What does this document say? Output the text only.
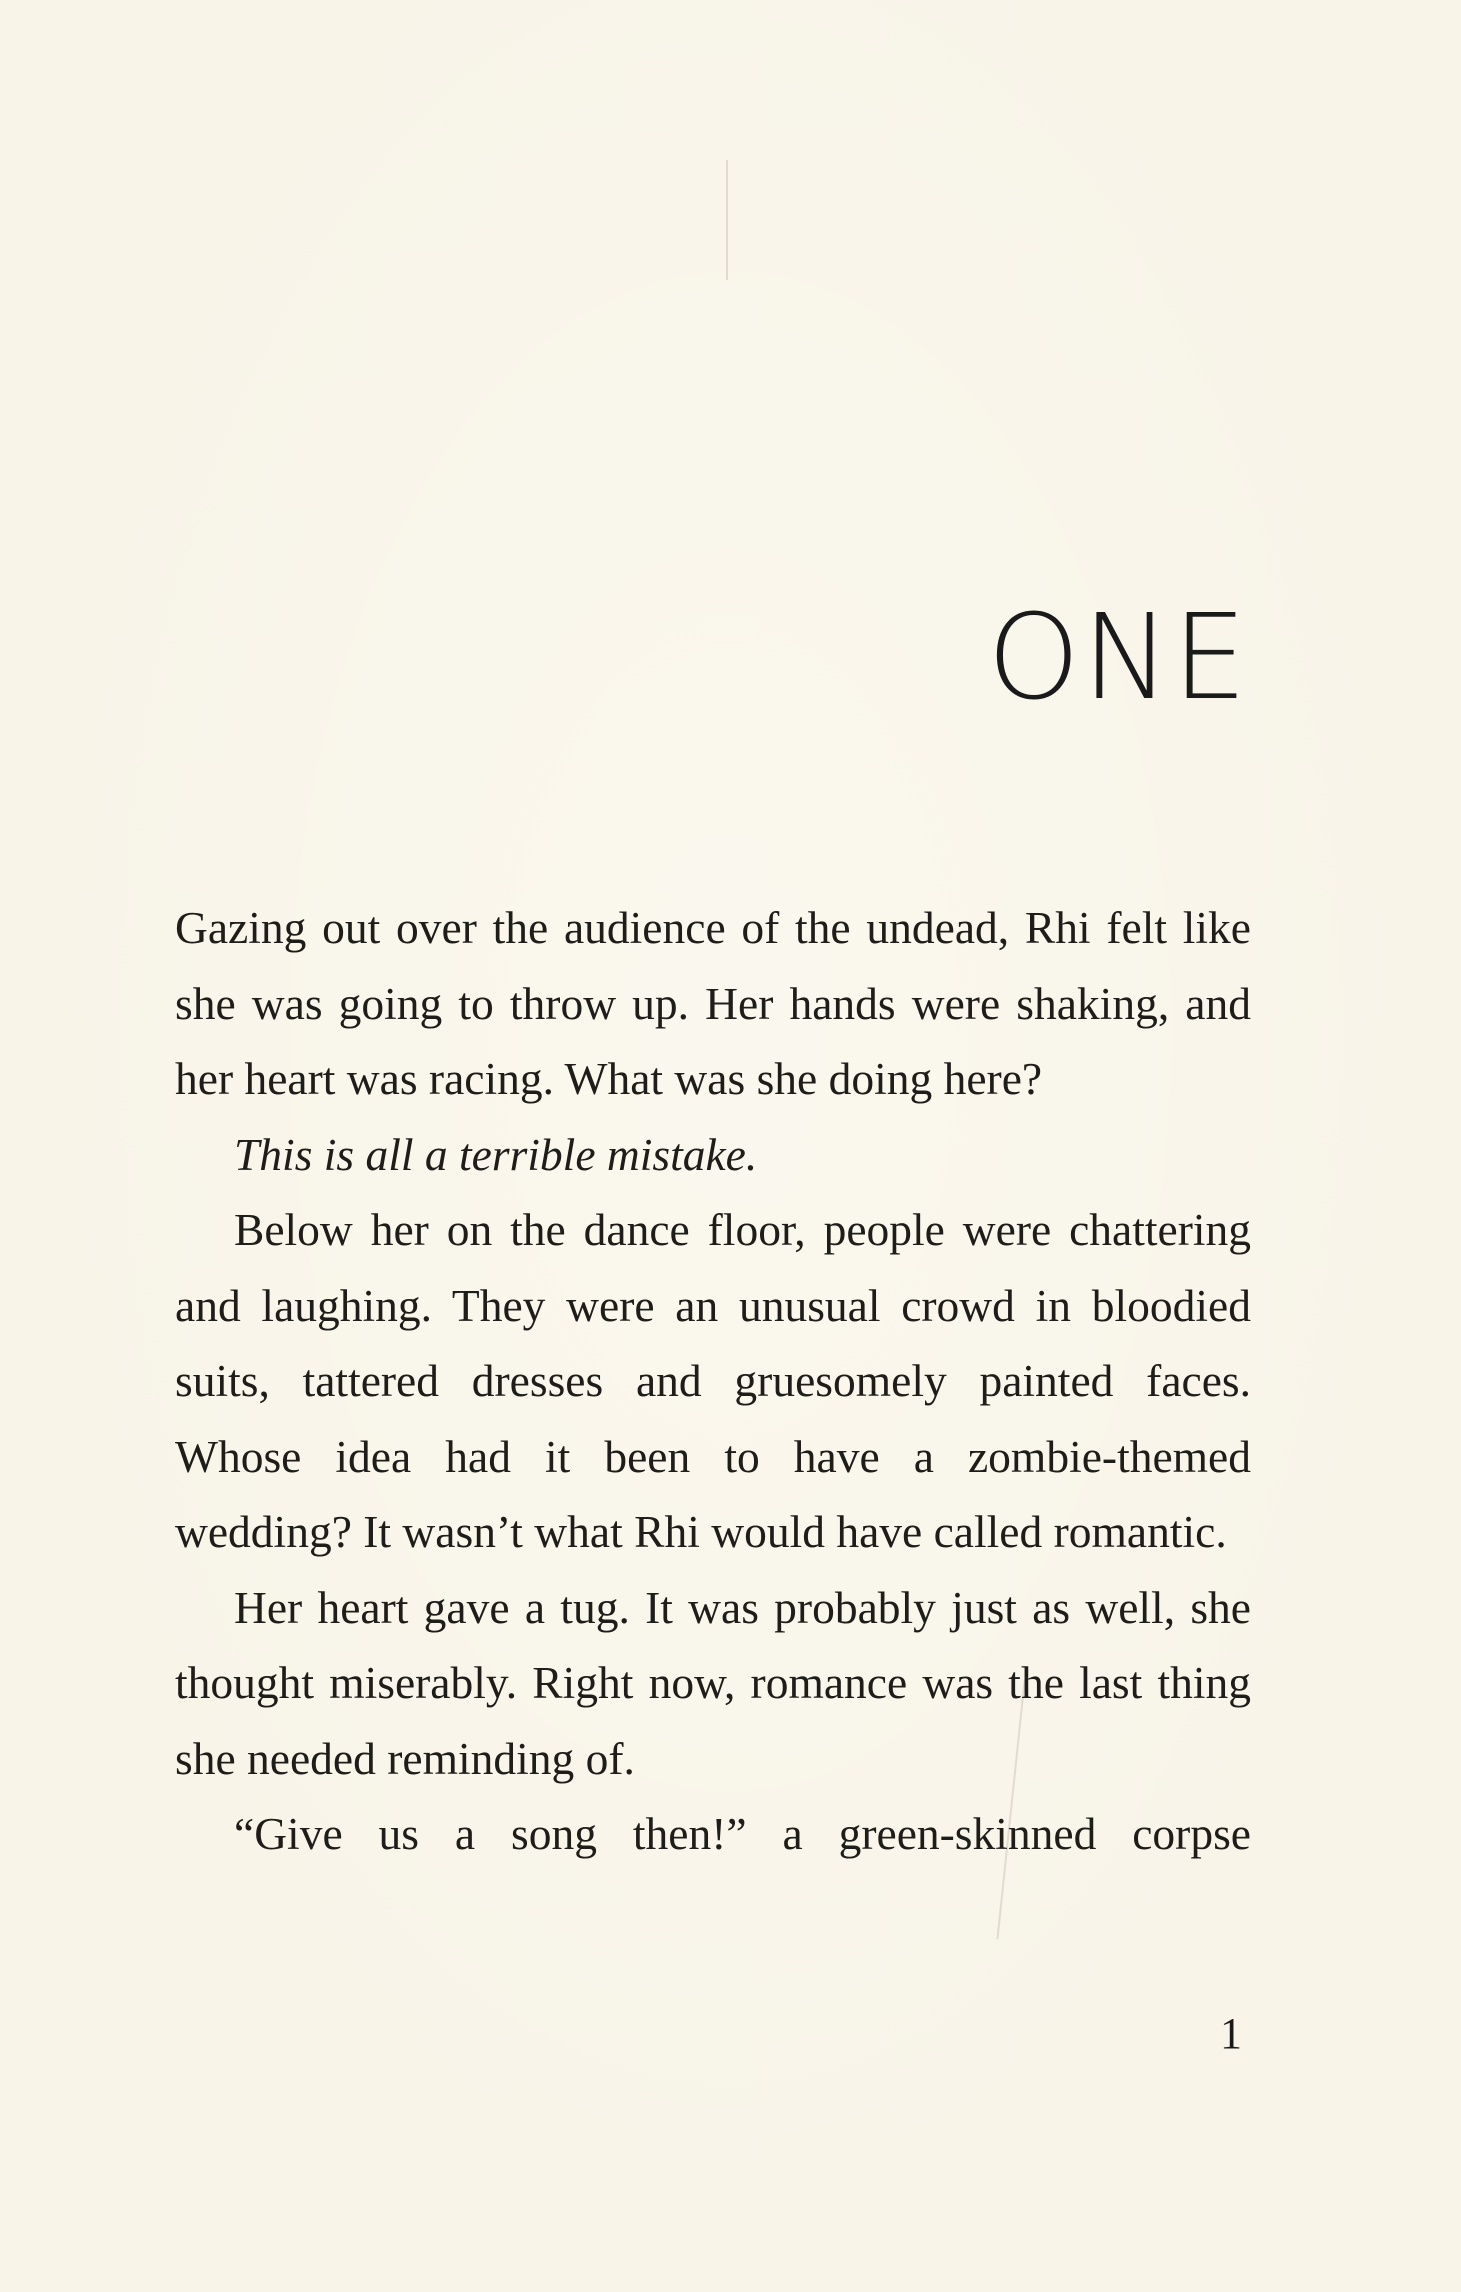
ONE

Gazing out over the audience of the undead, Rhi felt like she was going to throw up. Her hands were shaking, and her heart was racing. What was she doing here?

This is all a terrible mistake.

Below her on the dance floor, people were chattering and laughing. They were an unusual crowd in bloodied suits, tattered dresses and gruesomely painted faces. Whose idea had it been to have a zombie-themed wedding? It wasn’t what Rhi would have called romantic.

Her heart gave a tug. It was probably just as well, she thought miserably. Right now, romance was the last thing she needed reminding of.

“Give us a song then!” a green-skinned corpse

1
